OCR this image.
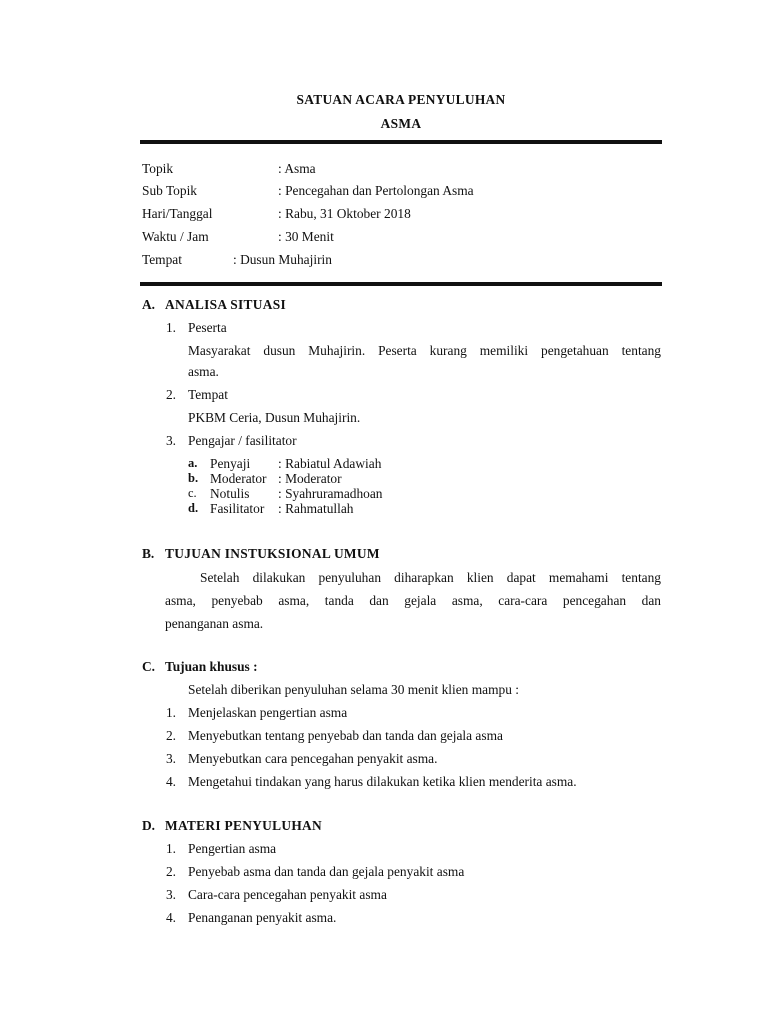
SATUAN ACARA PENYULUHAN
ASMA
Topik	: Asma
Sub Topik	: Pencegahan dan Pertolongan Asma
Hari/Tanggal	: Rabu, 31 Oktober 2018
Waktu / Jam	: 30 Menit
Tempat	: Dusun Muhajirin
A. ANALISA SITUASI
1. Peserta
Masyarakat dusun Muhajirin. Peserta kurang memiliki pengetahuan tentang
asma.
2. Tempat
PKBM Ceria, Dusun Muhajirin.
3. Pengajar / fasilitator
a. Penyaji : Rabiatul Adawiah
b. Moderator : Moderator
c. Notulis : Syahruramadhoan
d. Fasilitator : Rahmatullah
B. TUJUAN INSTUKSIONAL UMUM
Setelah dilakukan penyuluhan diharapkan klien dapat memahami tentang
asma, penyebab asma, tanda dan gejala asma, cara-cara pencegahan dan
penanganan asma.
C. Tujuan khusus :
Setelah diberikan penyuluhan selama 30 menit klien mampu :
1. Menjelaskan pengertian asma
2. Menyebutkan tentang penyebab dan tanda dan gejala asma
3. Menyebutkan cara pencegahan penyakit asma.
4. Mengetahui tindakan yang harus dilakukan ketika klien menderita asma.
D. MATERI PENYULUHAN
1. Pengertian asma
2. Penyebab asma dan tanda dan gejala penyakit asma
3. Cara-cara pencegahan penyakit asma
4. Penanganan penyakit asma.
